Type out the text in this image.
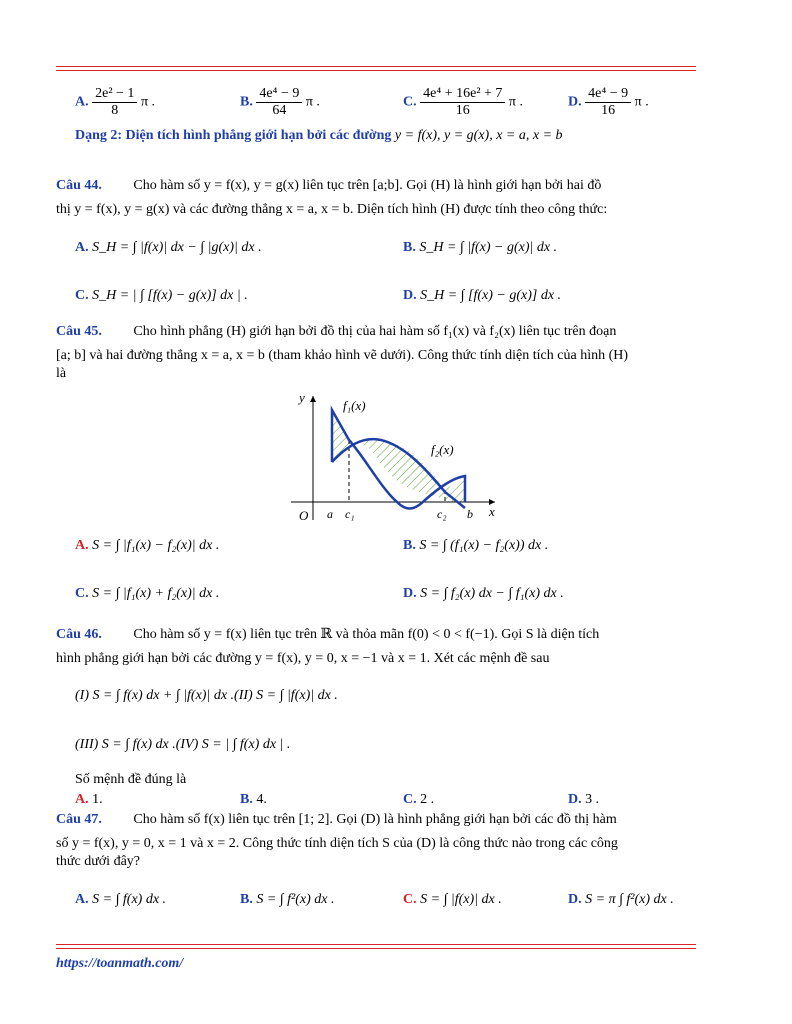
A. $\frac{\text{2e² − 1}}{8}$ π .	B. $\frac{\text{4e⁴ − 9}}{64}$ π .	C. $\frac{\text{4e⁴ + 16e² + 7}}{16}$ π .	D. $\frac{\text{4e⁴ − 9}}{16}$ π .
Dạng 2: Diện tích hình phẳng giới hạn bởi các đường y = f(x), y = g(x), x = a, x = b
Câu 44. Cho hàm số y = f(x), y = g(x) liên tục trên [a;b]. Gọi (H) là hình giới hạn bởi hai đồ
thị y = f(x), y = g(x) và các đường thẳng x = a, x = b. Diện tích hình (H) được tính theo công thức:
A. S_H = ∫ |f(x)| dx − ∫ |g(x)| dx .	B. S_H = ∫ |f(x) − g(x)| dx .
C. S_H = | ∫ [f(x) − g(x)] dx | .	D. S_H = ∫ [f(x) − g(x)] dx .
Câu 45. Cho hình phẳng (H) giới hạn bởi đồ thị của hai hàm số f₁(x) và f₂(x) liên tục trên đoạn
[a; b] và hai đường thẳng x = a, x = b (tham khảo hình vẽ dưới). Công thức tính diện tích của hình (H)
là
y
x
O a c₁	c₂ b
f₁(x)
f₂(x)
A. S = ∫ |f₁(x) − f₂(x)| dx .	B. S = ∫ (f₁(x) − f₂(x)) dx .
C. S = ∫ |f₁(x) + f₂(x)| dx .	D. S = ∫ f₂(x) dx − ∫ f₁(x) dx .
Câu 46. Cho hàm số y = f(x) liên tục trên ℝ và thỏa mãn f(0) < 0 < f(−1). Gọi S là diện tích
hình phẳng giới hạn bởi các đường y = f(x), y = 0, x = −1 và x = 1. Xét các mệnh đề sau
(I) S = ∫ f(x) dx + ∫ |f(x)| dx .(II) S = ∫ |f(x)| dx .
(III) S = ∫ f(x) dx .(IV) S = | ∫ f(x) dx | .
Số mệnh đề đúng là
A. 1.	B. 4.	C. 2 .	D. 3 .
Câu 47. Cho hàm số f(x) liên tục trên [1; 2]. Gọi (D) là hình phẳng giới hạn bởi các đồ thị hàm
số y = f(x), y = 0, x = 1 và x = 2. Công thức tính diện tích S của (D) là công thức nào trong các công
thức dưới đây?
A. S = ∫ f(x) dx .	B. S = ∫ f²(x) dx .	C. S = ∫ |f(x)| dx .	D. S = π ∫ f²(x) dx .
https://toanmath.com/
